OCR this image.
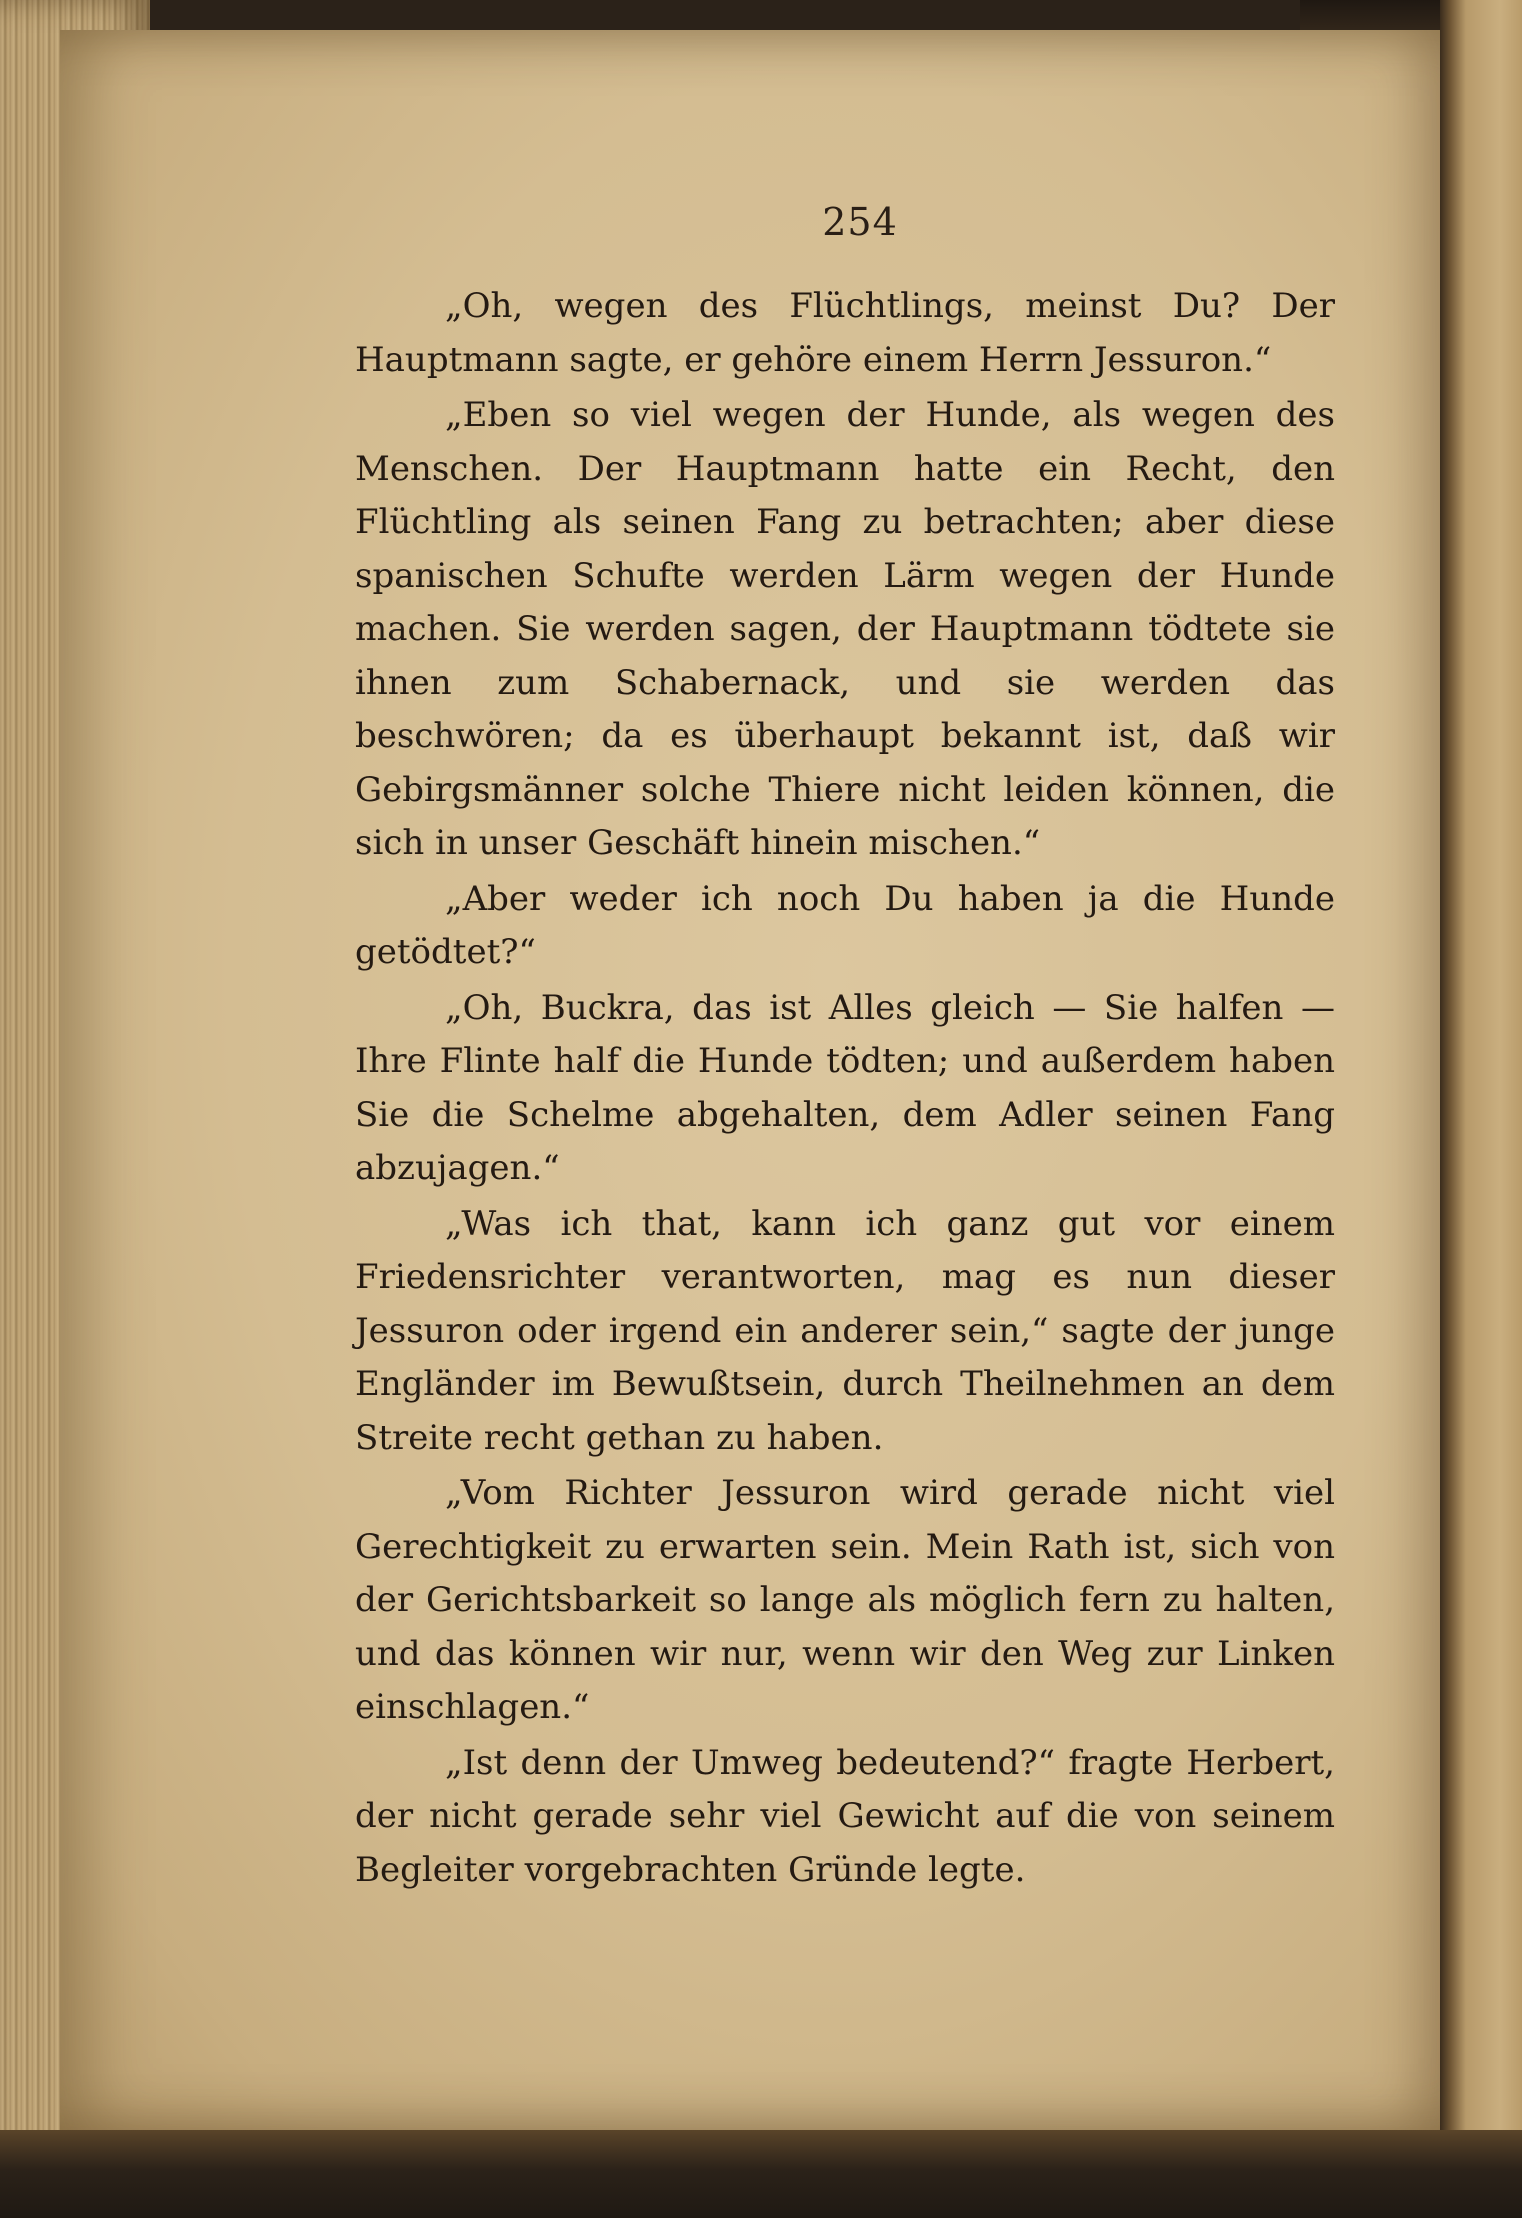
254

„Oh, wegen des Flüchtlings, meinst Du? Der Hauptmann sagte, er gehöre einem Herrn Jessuron.“

„Eben so viel wegen der Hunde, als wegen des Menschen. Der Hauptmann hatte ein Recht, den Flüchtling als seinen Fang zu betrachten; aber diese spanischen Schufte werden Lärm wegen der Hunde machen. Sie werden sagen, der Hauptmann tödtete sie ihnen zum Schabernack, und sie werden das beschwören; da es überhaupt bekannt ist, daß wir Gebirgsmänner solche Thiere nicht leiden können, die sich in unser Geschäft hinein mischen.“

„Aber weder ich noch Du haben ja die Hunde getödtet?“

„Oh, Buckra, das ist Alles gleich — Sie halfen — Ihre Flinte half die Hunde tödten; und außerdem haben Sie die Schelme abgehalten, dem Adler seinen Fang abzujagen.“

„Was ich that, kann ich ganz gut vor einem Friedensrichter verantworten, mag es nun dieser Jessuron oder irgend ein anderer sein,“ sagte der junge Engländer im Bewußtsein, durch Theilnehmen an dem Streite recht gethan zu haben.

„Vom Richter Jessuron wird gerade nicht viel Gerechtigkeit zu erwarten sein. Mein Rath ist, sich von der Gerichtsbarkeit so lange als möglich fern zu halten, und das können wir nur, wenn wir den Weg zur Linken einschlagen.“

„Ist denn der Umweg bedeutend?“ fragte Herbert, der nicht gerade sehr viel Gewicht auf die von seinem Begleiter vorgebrachten Gründe legte.
